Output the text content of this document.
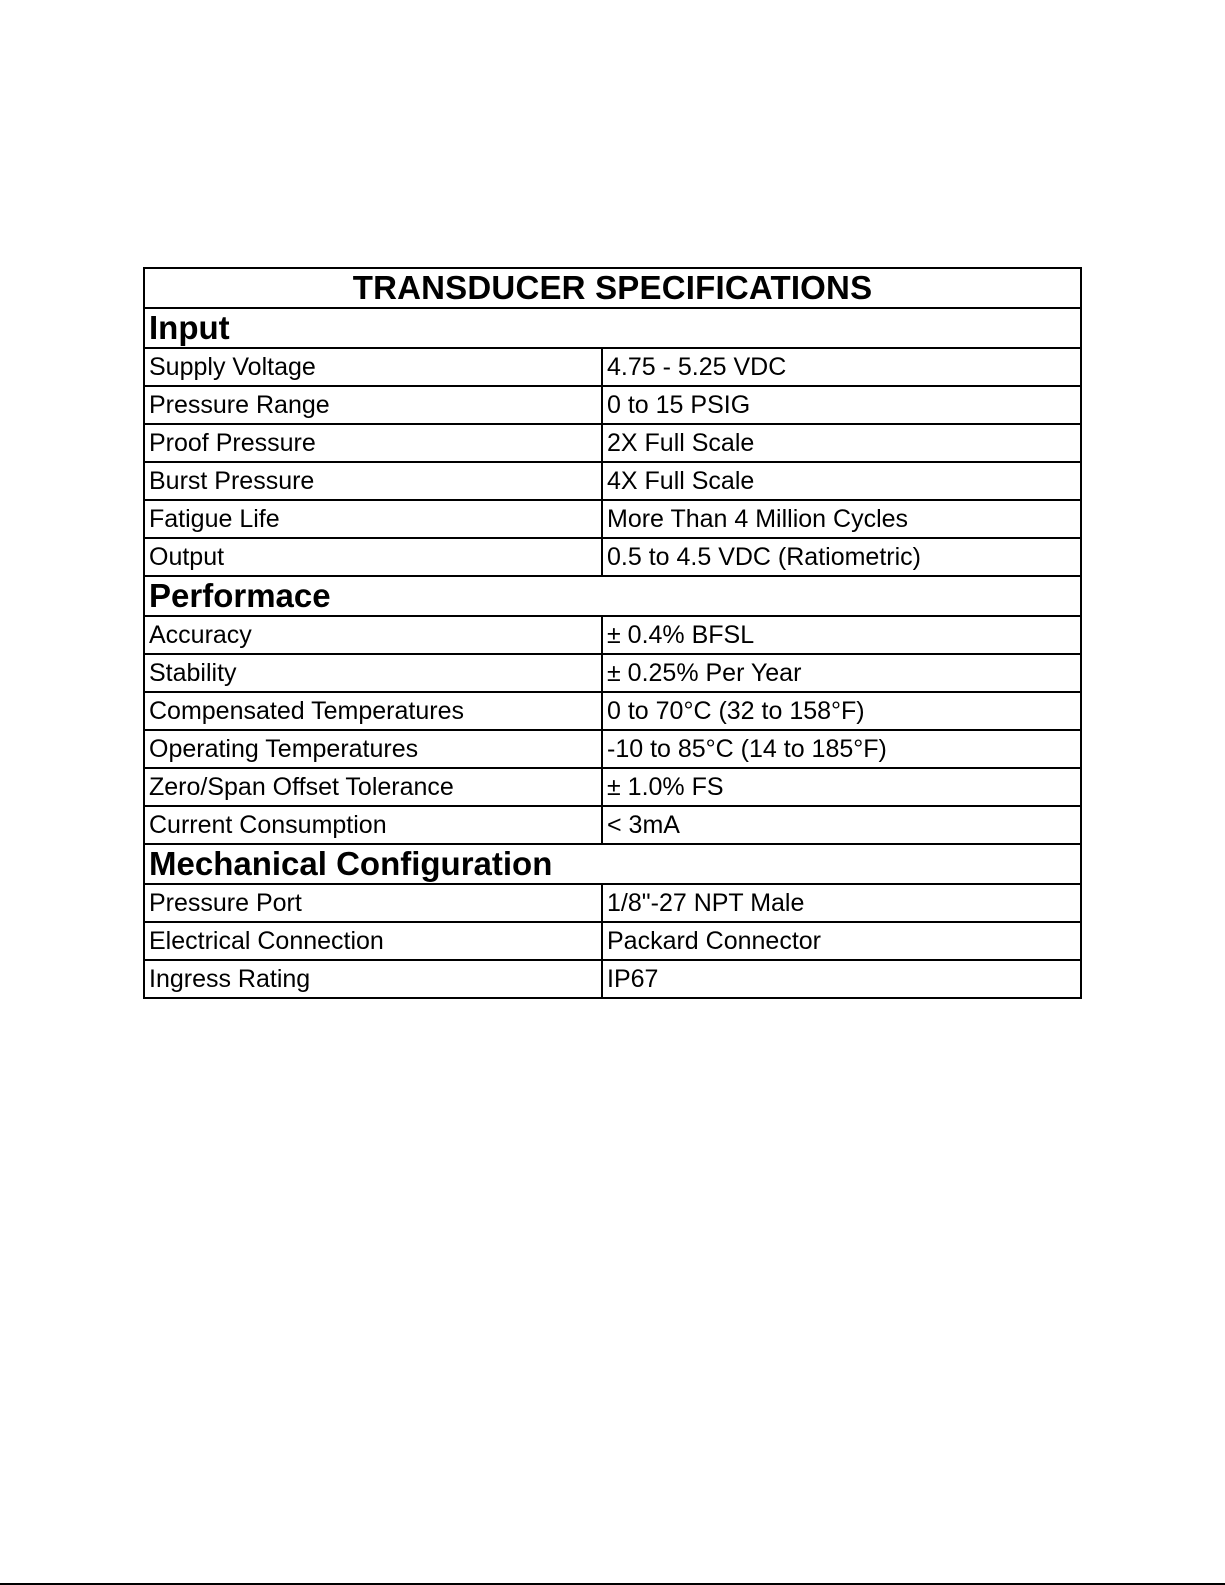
TRANSDUCER SPECIFICATIONS	
Input	
Supply Voltage	4.75 - 5.25 VDC
Pressure Range	0 to 15 PSIG
Proof Pressure	2X Full Scale
Burst Pressure	4X Full Scale
Fatigue Life	More Than 4 Million Cycles
Output	0.5 to 4.5 VDC (Ratiometric)
Performace	
Accuracy	± 0.4% BFSL
Stability	± 0.25% Per Year
Compensated Temperatures	0 to 70°C (32 to 158°F)
Operating Temperatures	-10 to 85°C (14 to 185°F)
Zero/Span Offset Tolerance	± 1.0% FS
Current Consumption	< 3mA
Mechanical Configuration	
Pressure Port	1/8"-27 NPT Male
Electrical Connection	Packard Connector
Ingress Rating	IP67
